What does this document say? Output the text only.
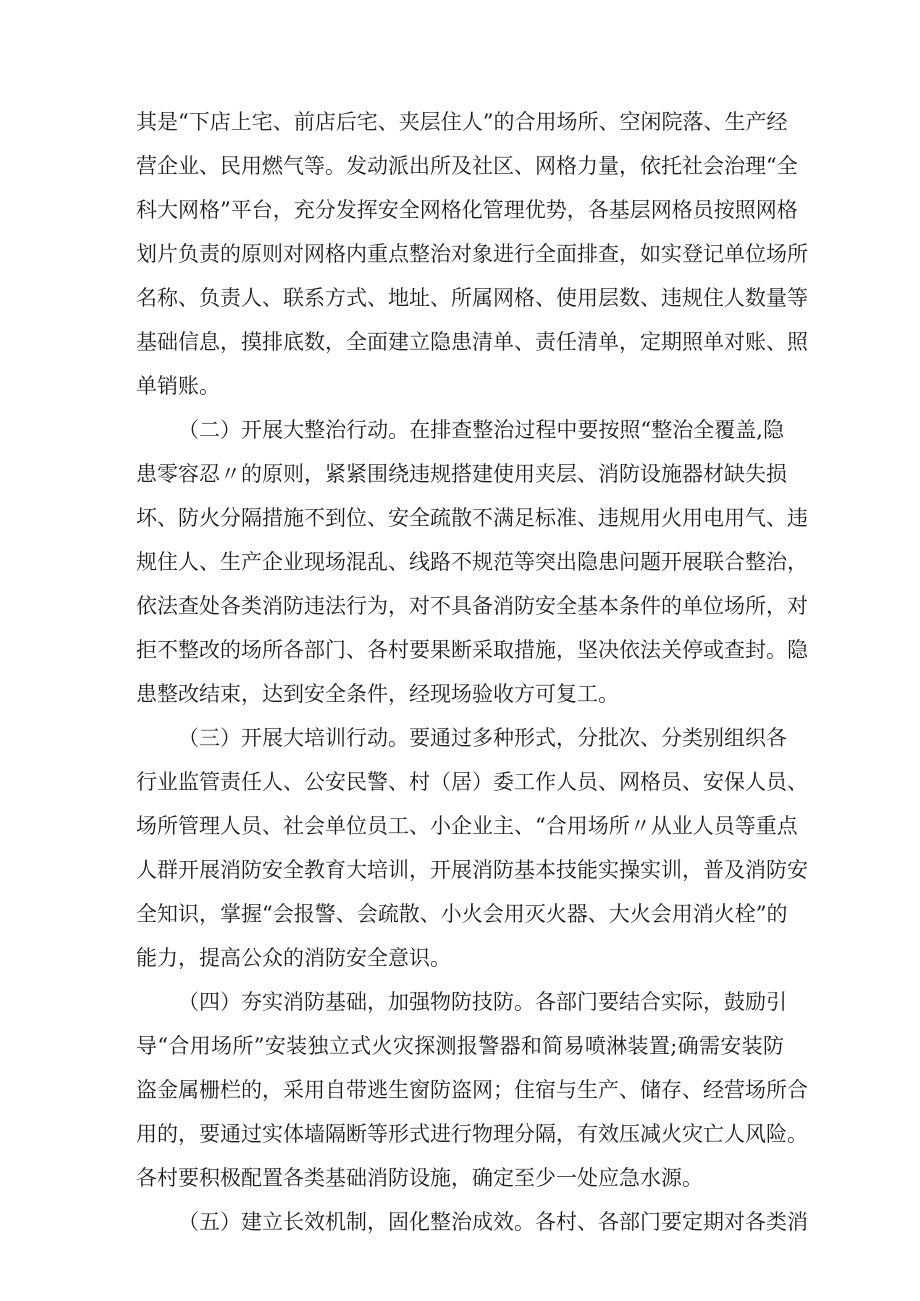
其是“下店上宅、前店后宅、夹层住人”的合用场所、空闲院落、生产经

营企业、民用燃气等。发动派出所及社区、网格力量，依托社会治理“全

科大网格”平台，充分发挥安全网格化管理优势，各基层网格员按照网格

划片负责的原则对网格内重点整治对象进行全面排查，如实登记单位场所

名称、负责人、联系方式、地址、所属网格、使用层数、违规住人数量等

基础信息，摸排底数，全面建立隐患清单、责任清单，定期照单对账、照

单销账。

（二）开展大整治行动。在排查整治过程中要按照“整治全覆盖,隐

患零容忍〃的原则，紧紧围绕违规搭建使用夹层、消防设施器材缺失损

坏、防火分隔措施不到位、安全疏散不满足标准、违规用火用电用气、违

规住人、生产企业现场混乱、线路不规范等突出隐患问题开展联合整治，

依法查处各类消防违法行为，对不具备消防安全基本条件的单位场所，对

拒不整改的场所各部门、各村要果断采取措施，坚决依法关停或查封。隐

患整改结束，达到安全条件，经现场验收方可复工。

（三）开展大培训行动。要通过多种形式，分批次、分类别组织各

行业监管责任人、公安民警、村（居）委工作人员、网格员、安保人员、

场所管理人员、社会单位员工、小企业主、“合用场所〃从业人员等重点

人群开展消防安全教育大培训，开展消防基本技能实操实训，普及消防安

全知识，掌握“会报警、会疏散、小火会用灭火器、大火会用消火栓”的

能力，提高公众的消防安全意识。

（四）夯实消防基础，加强物防技防。各部门要结合实际，鼓励引

导“合用场所”安装独立式火灾探测报警器和简易喷淋装置;确需安装防

盗金属栅栏的，采用自带逃生窗防盗网；住宿与生产、储存、经营场所合

用的，要通过实体墙隔断等形式进行物理分隔，有效压减火灾亡人风险。

各村要积极配置各类基础消防设施，确定至少一处应急水源。

（五）建立长效机制，固化整治成效。各村、各部门要定期对各类消
